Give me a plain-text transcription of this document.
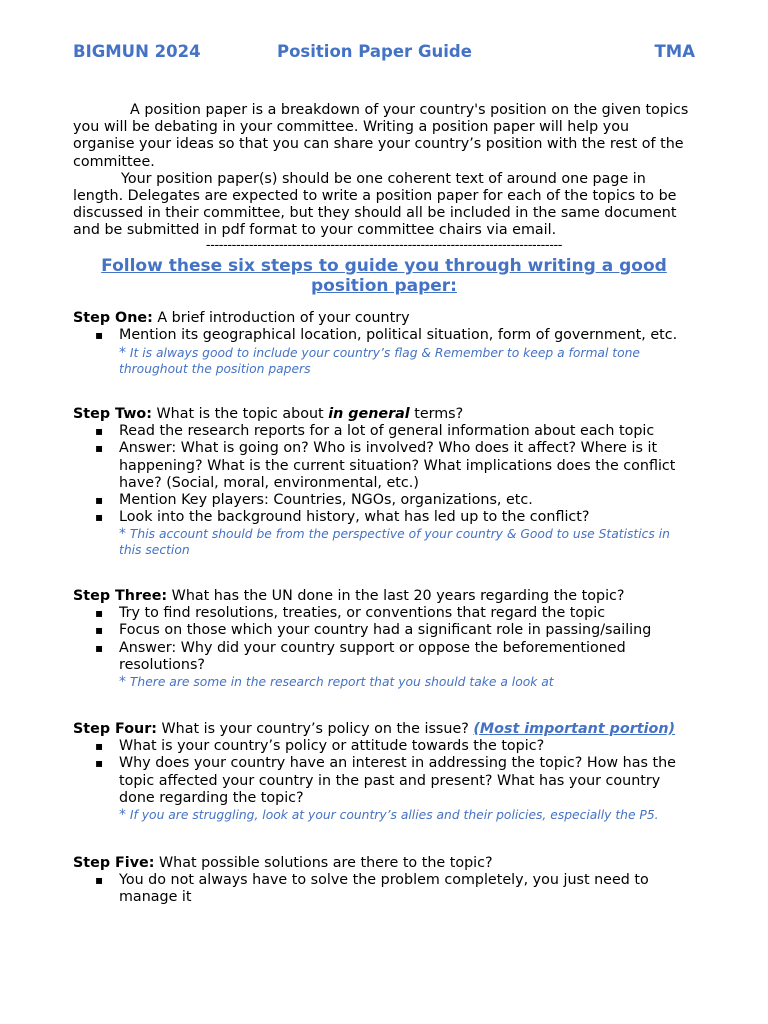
BIGMUN 2024	Position Paper Guide	TMA

A position paper is a breakdown of your country's position on the given topics you will be debating in your committee. Writing a position paper will help you organise your ideas so that you can share your country’s position with the rest of the committee.

Your position paper(s) should be one coherent text of around one page in length. Delegates are expected to write a position paper for each of the topics to be discussed in their committee, but they should all be included in the same document and be submitted in pdf format to your committee chairs via email.

-----------------------------------------------------------------------------------
Follow these six steps to guide you through writing a good position paper:

Step One: A brief introduction of your country

▪ Mention its geographical location, political situation, form of government, etc.
* It is always good to include your country’s flag & Remember to keep a formal tone throughout the position papers

Step Two: What is the topic about in general terms?

▪ Read the research reports for a lot of general information about each topic
▪ Answer: What is going on? Who is involved? Who does it affect? Where is it happening? What is the current situation? What implications does the conflict have? (Social, moral, environmental, etc.)
▪ Mention Key players: Countries, NGOs, organizations, etc.
▪ Look into the background history, what has led up to the conflict?
* This account should be from the perspective of your country & Good to use Statistics in this section

Step Three: What has the UN done in the last 20 years regarding the topic?

▪ Try to find resolutions, treaties, or conventions that regard the topic
▪ Focus on those which your country had a significant role in passing/sailing
▪ Answer: Why did your country support or oppose the beforementioned resolutions?
* There are some in the research report that you should take a look at

Step Four: What is your country’s policy on the issue? (Most important portion)

▪ What is your country’s policy or attitude towards the topic?
▪ Why does your country have an interest in addressing the topic? How has the topic affected your country in the past and present? What has your country done regarding the topic?
* If you are struggling, look at your country’s allies and their policies, especially the P5.

Step Five: What possible solutions are there to the topic?

▪ You do not always have to solve the problem completely, you just need to manage it
